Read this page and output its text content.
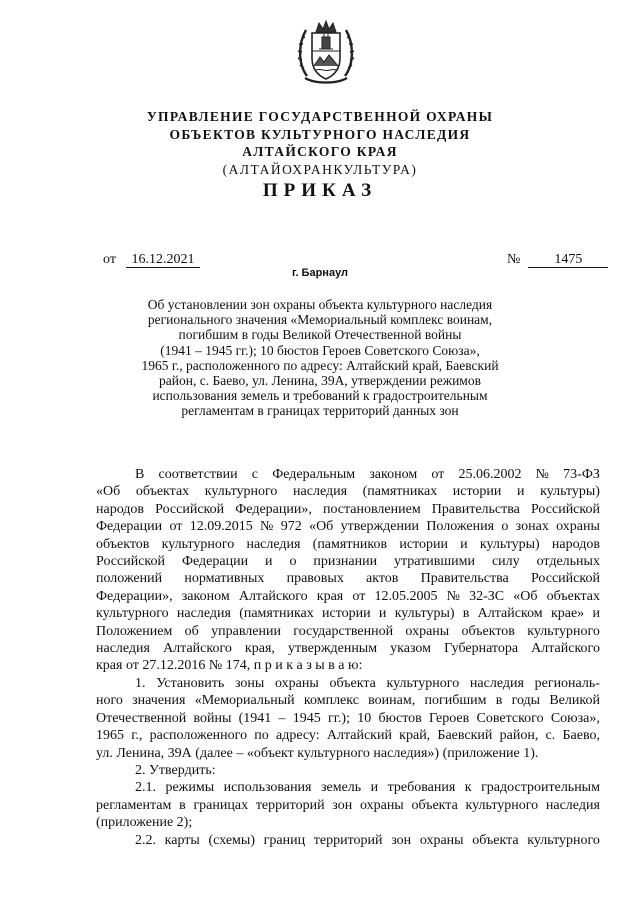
УПРАВЛЕНИЕ ГОСУДАРСТВЕННОЙ ОХРАНЫ
ОБЪЕКТОВ КУЛЬТУРНОГО НАСЛЕДИЯ
АЛТАЙСКОГО КРАЯ
(АЛТАЙОХРАНКУЛЬТУРА)
ПРИКАЗ
от 16.12.2021	№ 1475
г. Барнаул
Об установлении зон охраны объекта культурного наследия
регионального значения «Мемориальный комплекс воинам,
погибшим в годы Великой Отечественной войны
(1941 – 1945 гг.); 10 бюстов Героев Советского Союза»,
1965 г., расположенного по адресу: Алтайский край, Баевский
район, с. Баево, ул. Ленина, 39А, утверждении режимов
использования земель и требований к градостроительным
регламентам в границах территорий данных зон
В соответствии с Федеральным законом от 25.06.2002 № 73-ФЗ
«Об объектах культурного наследия (памятниках истории и культуры)
народов Российской Федерации», постановлением Правительства Российской
Федерации от 12.09.2015 № 972 «Об утверждении Положения о зонах охраны
объектов культурного наследия (памятников истории и культуры) народов
Российской Федерации и о признании утратившими силу отдельных
положений нормативных правовых актов Правительства Российской
Федерации», законом Алтайского края от 12.05.2005 № 32-ЗС «Об объектах
культурного наследия (памятниках истории и культуры) в Алтайском крае» и
Положением об управлении государственной охраны объектов культурного
наследия Алтайского края, утвержденным указом Губернатора Алтайского
края от 27.12.2016 № 174, п р и к а з ы в а ю:
1. Установить зоны охраны объекта культурного наследия региональ-
ного значения «Мемориальный комплекс воинам, погибшим в годы Великой
Отечественной войны (1941 – 1945 гг.); 10 бюстов Героев Советского Союза»,
1965 г., расположенного по адресу: Алтайский край, Баевский район, с. Баево,
ул. Ленина, 39А (далее – «объект культурного наследия») (приложение 1).
2. Утвердить:
2.1. режимы использования земель и требования к градостроительным
регламентам в границах территорий зон охраны объекта культурного наследия
(приложение 2);
2.2. карты (схемы) границ территорий зон охраны объекта культурного
